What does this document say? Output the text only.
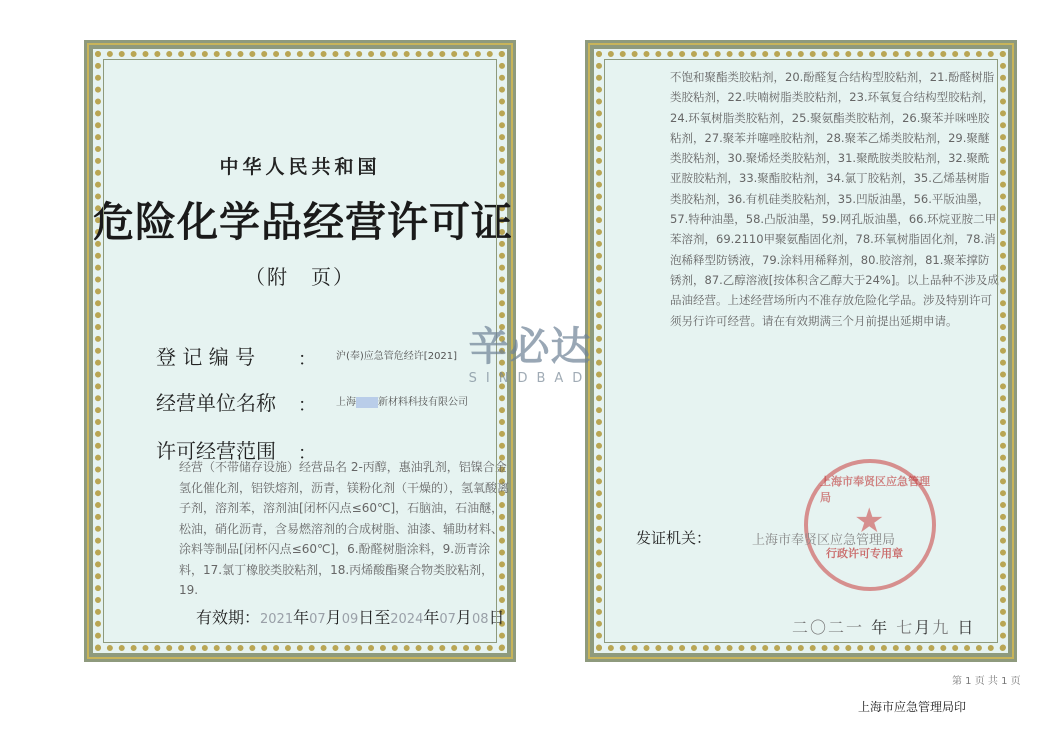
中华人民共和国
危险化学品经营许可证
（附　页）
登 记 编 号 ： 沪(奉)应急管危经许[2021]
经营单位名称 ： 上海 新材料科技有限公司
许可经营范围 ：

经营（不带储存设施）经营品名 2-丙醇，惠油乳剂，铝镍合金氢化催化剂，铝铁熔剂，沥青，镁粉化剂（干燥的），氢氧酸离子剂，溶剂苯，溶剂油[闭杯闪点≤60℃]，石脑油，石油醚，松油，硝化沥青，含易燃溶剂的合成树脂、油漆、辅助材料、涂料等制品[闭杯闪点≤60℃]，6.酚醛树脂涂料，9.沥青涂料，17.氯丁橡胶类胶粘剂，18.丙烯酸酯聚合物类胶粘剂，19.

有效期：2021年07月09日至2024年07月08日

不饱和聚酯类胶粘剂，20.酚醛复合结构型胶粘剂，21.酚醛树脂类胶粘剂，22.呋喃树脂类胶粘剂，23.环氧复合结构型胶粘剂，24.环氧树脂类胶粘剂，25.聚氨酯类胶粘剂，26.聚苯并咪唑胶粘剂，27.聚苯并噻唑胶粘剂，28.聚苯乙烯类胶粘剂，29.聚醚类胶粘剂，30.聚烯烃类胶粘剂，31.聚酰胺类胶粘剂，32.聚酰亚胺胶粘剂，33.聚酯胶粘剂，34.氯丁胶粘剂，35.乙烯基树脂类胶粘剂，36.有机硅类胶粘剂，35.凹版油墨，56.平版油墨，57.特种油墨，58.凸版油墨，59.网孔版油墨，66.环烷亚胺二甲苯溶剂，69.2110甲聚氨酯固化剂，78.环氧树脂固化剂，78.消泡稀释型防锈液，79.涂料用稀释剂，80.胶溶剂，81.聚苯撑防锈剂，87.乙醇溶液[按体积含乙醇大于24%]。以上品种不涉及成品油经营。上述经营场所内不准存放危险化学品。涉及特别许可须另行许可经营。请在有效期满三个月前提出延期申请。

上海市奉贤区应急管理局
★
行政许可专用章
发证机关：	上海市奉贤区应急管理局
二〇二一 年 七月九 日
辛必达
SINDBAD
第 1 页 共 1 页
上海市应急管理局印
